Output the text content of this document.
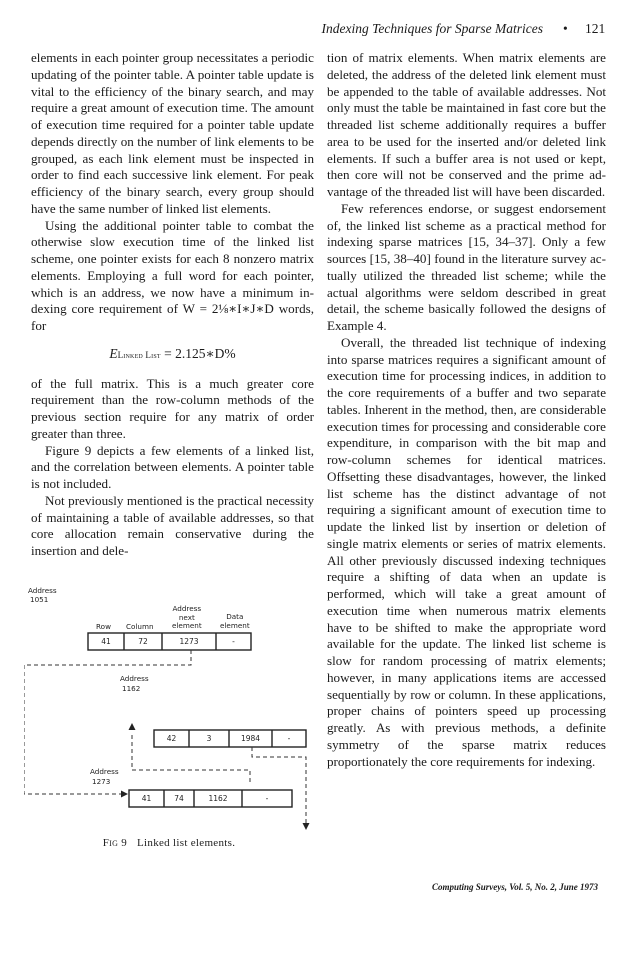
Indexing Techniques for Sparse Matrices • 121

elements in each pointer group necessitates a periodic updating of the pointer table. A pointer table update is vital to the efficiency of the binary search, and may require a great amount of execution time. The amount of execution time required for a pointer table update depends directly on the number of link elements to be grouped, as each link element must be inspected in order to find each successive link element. For peak efficiency of the binary search, every group should have the same number of linked list elements.

Using the additional pointer table to combat the otherwise slow execution time of the linked list scheme, one pointer exists for each 8 nonzero matrix elements. Employing a full word for each pointer, which is an address, we now have a minimum indexing core requirement of W = 2⅛∗I∗J∗D words, for

ELinked List = 2.125∗D%

of the full matrix. This is a much greater core requirement than the row-column methods of the previous section require for any matrix of order greater than three.

Figure 9 depicts a few elements of a linked list, and the correlation between elements. A pointer table is not included.

Not previously mentioned is the practical necessity of maintaining a table of available addresses, so that core allocation remain conservative during the insertion and dele-

tion of matrix elements. When matrix elements are deleted, the address of the deleted link element must be appended to the table of available addresses. Not only must the table be maintained in fast core but the threaded list scheme additionally requires a buffer area to be used for the inserted and/or deleted link elements. If such a buffer area is not used or kept, then core will not be conserved and the prime advantage of the threaded list will have been discarded.

Few references endorse, or suggest endorsement of, the linked list scheme as a practical method for indexing sparse matrices [15, 34–37]. Only a few sources [15, 38–40] found in the literature survey actually utilized the threaded list scheme; while the actual algorithms were seldom described in great detail, the scheme basically followed the designs of Example 4.

Overall, the threaded list technique of indexing into sparse matrices requires a significant amount of execution time for processing indices, in addition to the core requirements of a buffer and two separate tables. Inherent in the method, then, are considerable execution times for processing and considerable core expenditure, in comparison with the bit map and row-column schemes for identical matrices. Offsetting these disadvantages, however, the linked list scheme has the distinct advantage of not requiring a significant amount of execution time to update the linked list by insertion or deletion of single matrix elements or series of matrix elements. All other previously discussed indexing techniques require a shifting of data when an update is performed, which will take a great amount of execution time when numerous matrix elements have to be shifted to make the appropriate word available for the update. The linked list scheme is slow for random processing of matrix elements; however, in many applications items are accessed sequentially by row or column. In these applications, proper chains of pointers speed up processing greatly. As with previous methods, a definite symmetry of the sparse matrix reduces proportionately the core requirements for indexing.

Address
1051
Row Column
Address
next
element
Data
element
41	72	1273	-
Address
1162
42	3	1984	-
Address
1273
41	74	1162	-
Fig 9 Linked list elements.
Computing Surveys, Vol. 5, No. 2, June 1973
